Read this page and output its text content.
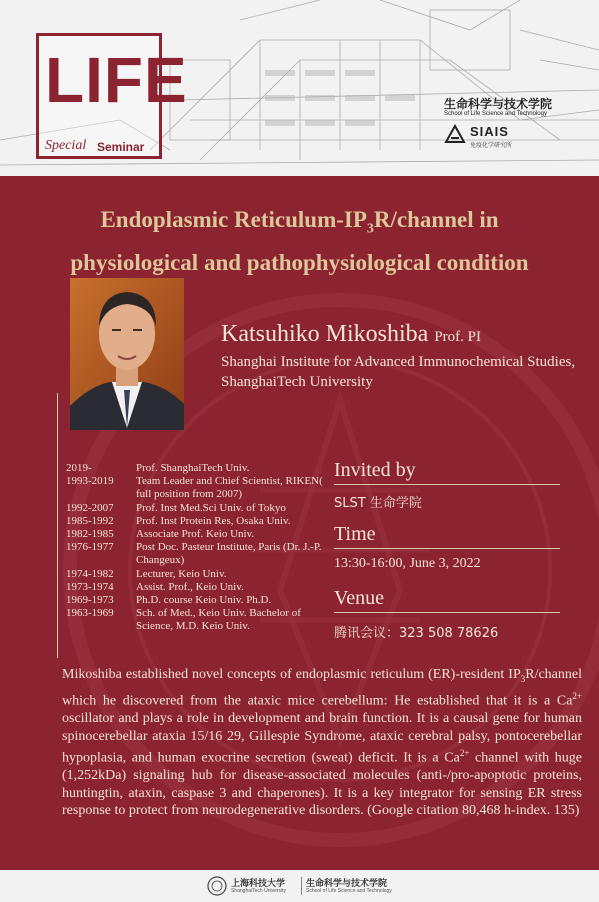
LIFE
Special Seminar
生命科学与技术学院
School of Life Science and Technology
SIAIS
免疫化学研究所
Endoplasmic Reticulum-$IP_3R$/channel in
physiological and pathophysiological condition
Katsuhiko Mikoshiba Prof. PI
Shanghai Institute for Advanced Immunochemical Studies, ShanghaiTech University
2019-	Prof. ShanghaiTech Univ.
1993-2019	Team Leader and Chief Scientist, RIKEN( full position from 2007)
1992-2007	Prof. Inst Med.Sci Univ. of Tokyo
1985-1992	Prof. Inst Protein Res, Osaka Univ.
1982-1985	Associate Prof. Keio Univ.
1976-1977	Post Doc. Pasteur Institute, Paris (Dr. J.-P. Changeux)
1974-1982	Lecturer, Keio Univ.
1973-1974	Assist. Prof., Keio Univ.
1969-1973	Ph.D. course Keio Univ. Ph.D.
1963-1969	Sch. of Med., Keio Univ. Bachelor of Science, M.D. Keio Univ.
Invited by
SLST 生命学院
Time
13:30-16:00, June 3, 2022
Venue
腾讯会议：323 508 78626
Mikoshiba established novel concepts of endoplasmic reticulum (ER)-resident $IP_3R$/channel which he discovered from the ataxic mice cerebellum: He established that it is a $Ca^{2+}$ oscillator and plays a role in development and brain function. It is a causal gene for human spinocerebellar ataxia 15/16 29, Gillespie Syndrome, ataxic cerebral palsy, pontocerebellar hypoplasia, and human exocrine secretion (sweat) deficit. It is a $Ca^{2+}$ channel with huge (1,252kDa) signaling hub for disease-associated molecules (anti-/pro-apoptotic proteins, huntingtin, ataxin, caspase 3 and chaperones). It is a key integrator for sensing ER stress response to protect from neurodegenerative disorders. (Google citation 80,468 h-index. 135)
上海科技大学
ShanghaiTech University
生命科学与技术学院
School of Life Science and Technology
